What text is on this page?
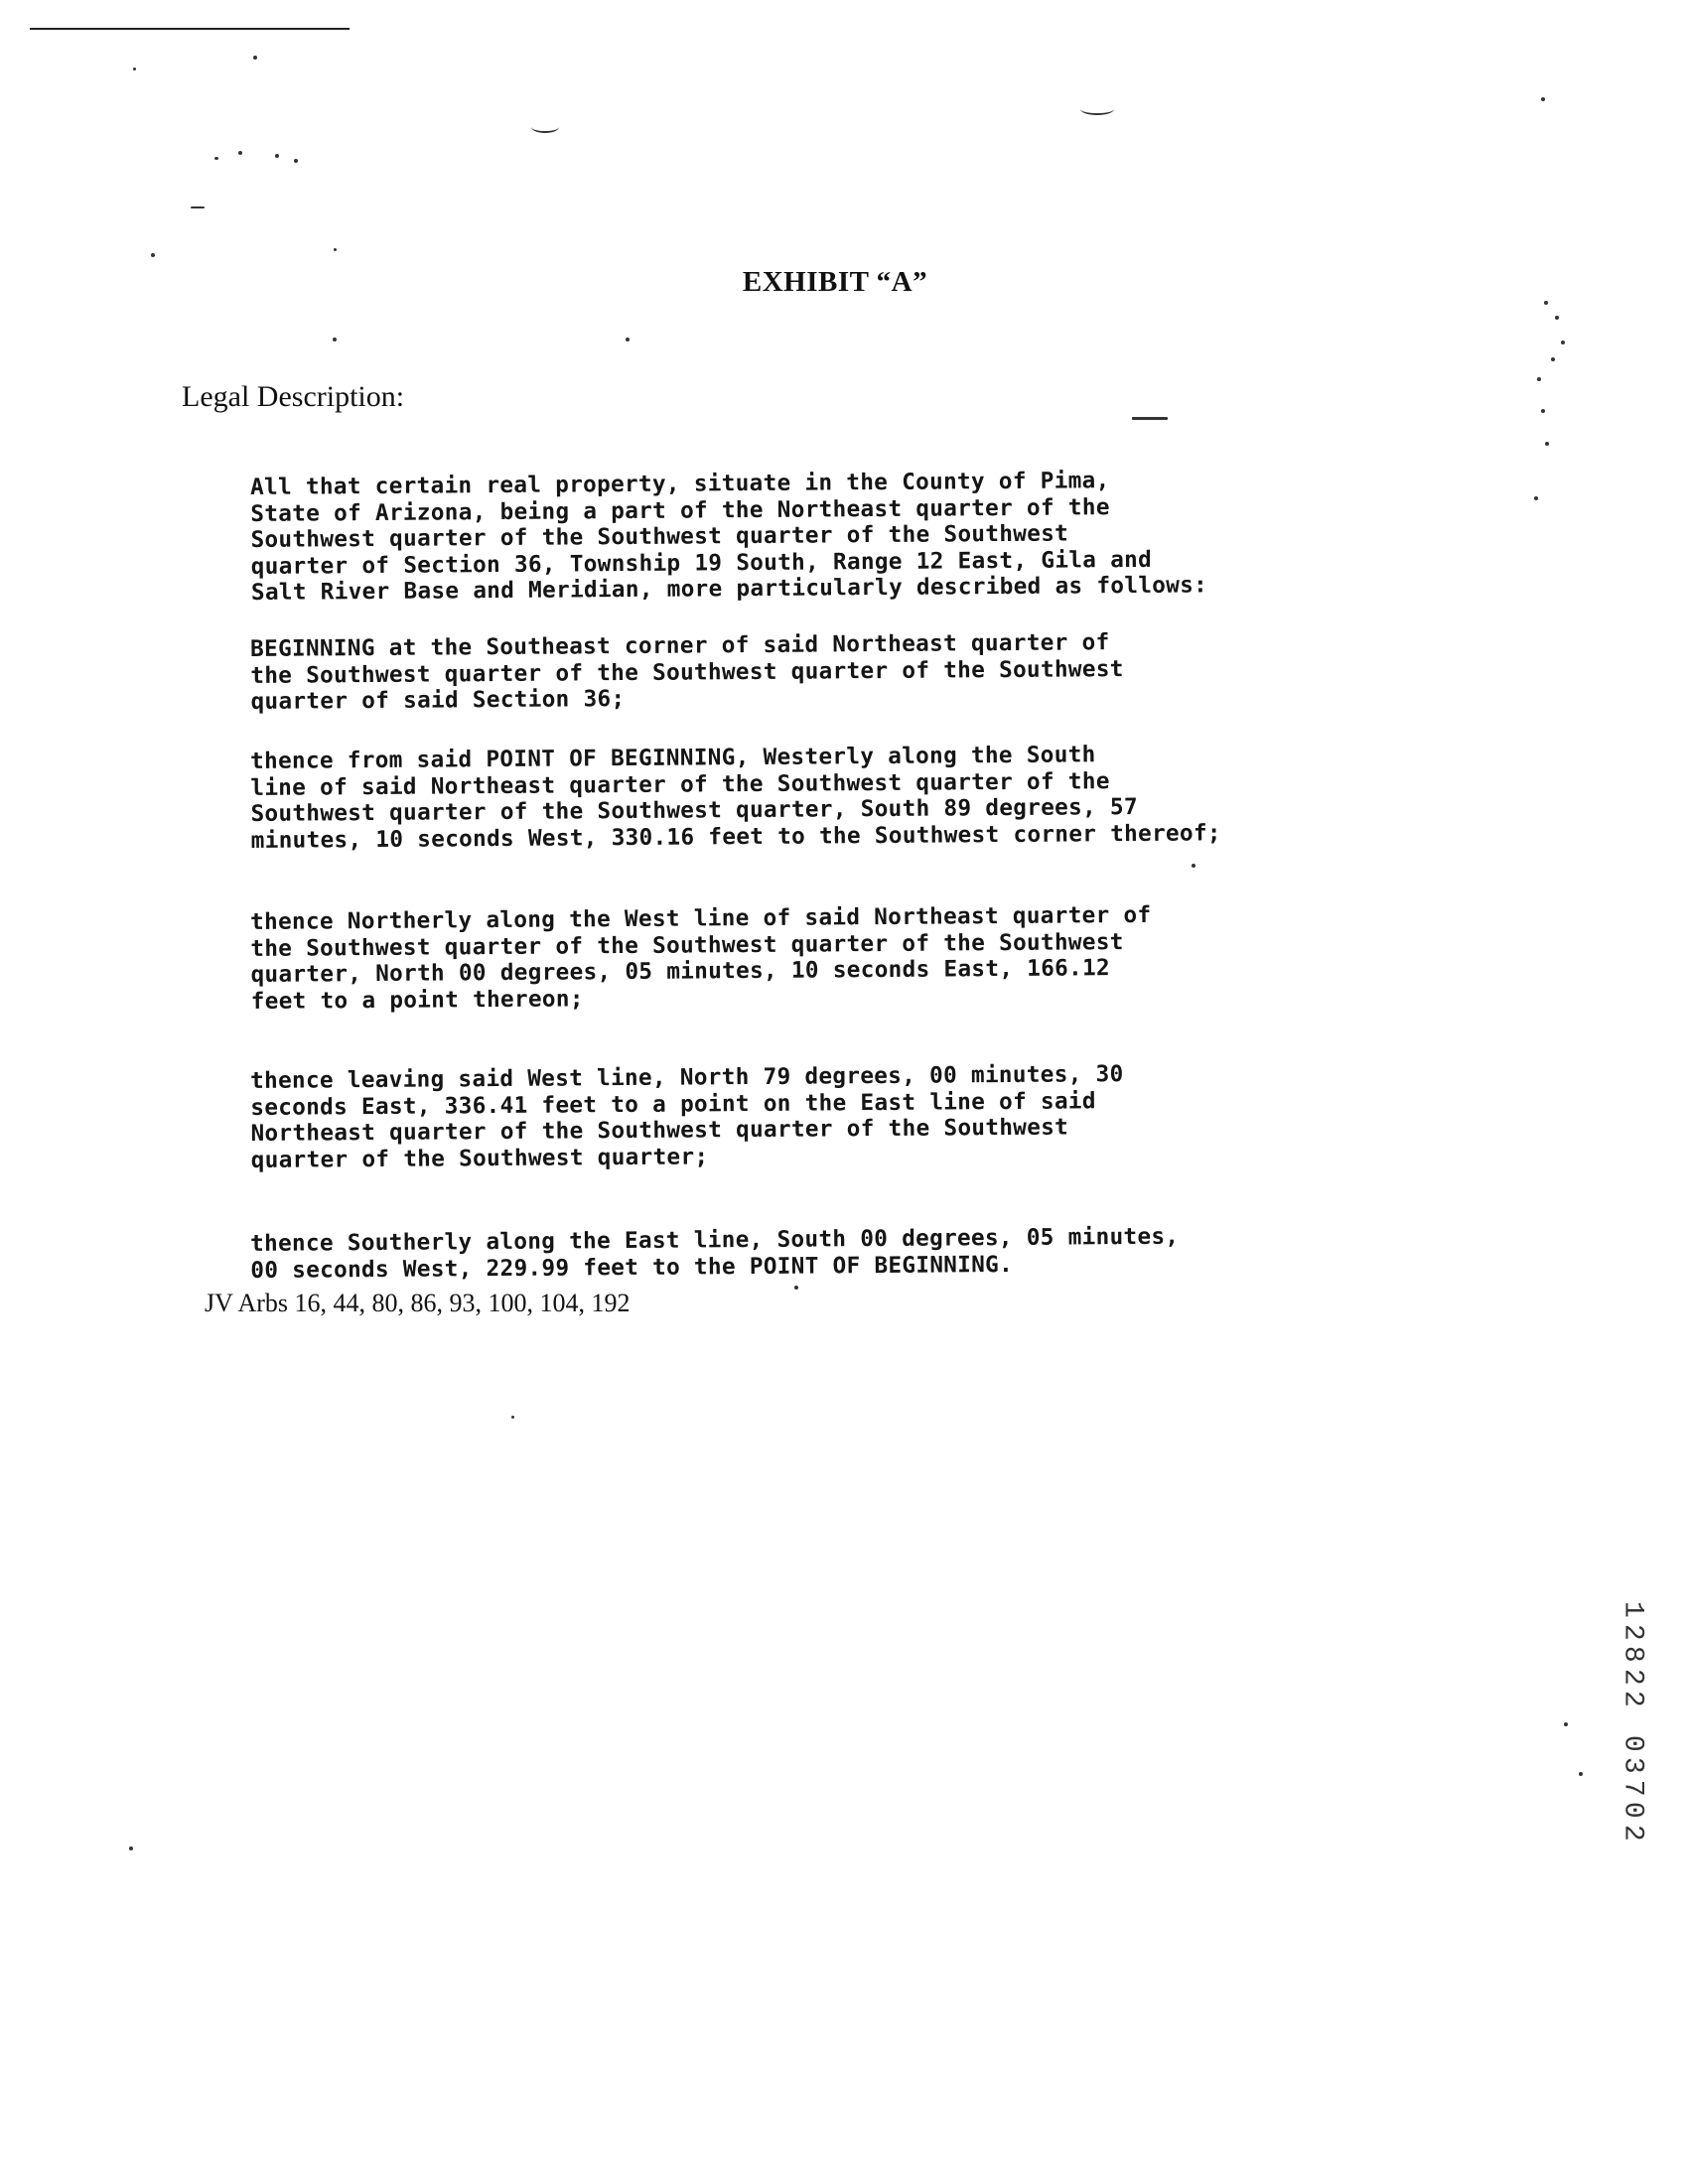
EXHIBIT “A”
Legal Description:

All that certain real property, situate in the County of Pima,
State of Arizona, being a part of the Northeast quarter of the
Southwest quarter of the Southwest quarter of the Southwest
quarter of Section 36, Township 19 South, Range 12 East, Gila and
Salt River Base and Meridian, more particularly described as follows:

BEGINNING at the Southeast corner of said Northeast quarter of
the Southwest quarter of the Southwest quarter of the Southwest
quarter of said Section 36;

thence from said POINT OF BEGINNING, Westerly along the South
line of said Northeast quarter of the Southwest quarter of the
Southwest quarter of the Southwest quarter, South 89 degrees, 57
minutes, 10 seconds West, 330.16 feet to the Southwest corner thereof;

thence Northerly along the West line of said Northeast quarter of
the Southwest quarter of the Southwest quarter of the Southwest
quarter, North 00 degrees, 05 minutes, 10 seconds East, 166.12
feet to a point thereon;

thence leaving said West line, North 79 degrees, 00 minutes, 30
seconds East, 336.41 feet to a point on the East line of said
Northeast quarter of the Southwest quarter of the Southwest
quarter of the Southwest quarter;

thence Southerly along the East line, South 00 degrees, 05 minutes,
00 seconds West, 229.99 feet to the POINT OF BEGINNING.

JV Arbs 16, 44, 80, 86, 93, 100, 104, 192
1
2
8
2
2
0
3
7
0
2
